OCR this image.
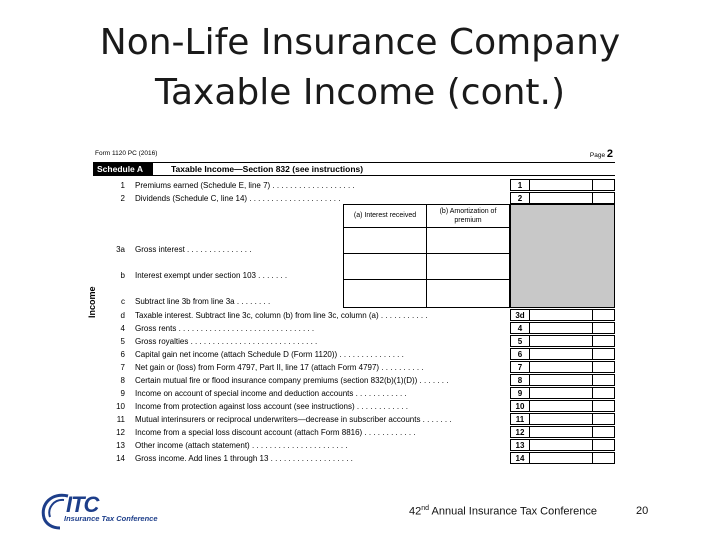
Non-Life Insurance Company
Taxable Income (cont.)
Form 1120 PC (2016)	Page 2
Schedule A	Taxable Income—Section 832 (see instructions)
Income
(a) Interest received
(b) Amortization of premium
1 Premiums earned (Schedule E, line 7) . . . . . . . . . . . . . . . . . . .	1
2 Dividends (Schedule C, line 14) . . . . . . . . . . . . . . . . . . . . .	2
3a Gross interest . . . . . . . . . . . . . . .
b Interest exempt under section 103 . . . . . . .
c Subtract line 3b from line 3a . . . . . . . .
d Taxable interest. Subtract line 3c, column (b) from line 3c, column (a) . . . . . . . . . . .	3d
4 Gross rents . . . . . . . . . . . . . . . . . . . . . . . . . . . . . . .	4
5 Gross royalties . . . . . . . . . . . . . . . . . . . . . . . . . . . . .	5
6 Capital gain net income (attach Schedule D (Form 1120)) . . . . . . . . . . . . . . .	6
7 Net gain or (loss) from Form 4797, Part II, line 17 (attach Form 4797) . . . . . . . . . .	7
8 Certain mutual fire or flood insurance company premiums (section 832(b)(1)(D)) . . . . . . .	8
9 Income on account of special income and deduction accounts . . . . . . . . . . . .	9
10 Income from protection against loss account (see instructions) . . . . . . . . . . . .	10
11 Mutual interinsurers or reciprocal underwriters—decrease in subscriber accounts . . . . . . .	11
12 Income from a special loss discount account (attach Form 8816) . . . . . . . . . . . .	12
13 Other income (attach statement) . . . . . . . . . . . . . . . . . . . . . .	13
14 Gross income. Add lines 1 through 13 . . . . . . . . . . . . . . . . . . .	14
ITC
Insurance Tax Conference
42nd Annual Insurance Tax Conference	20
